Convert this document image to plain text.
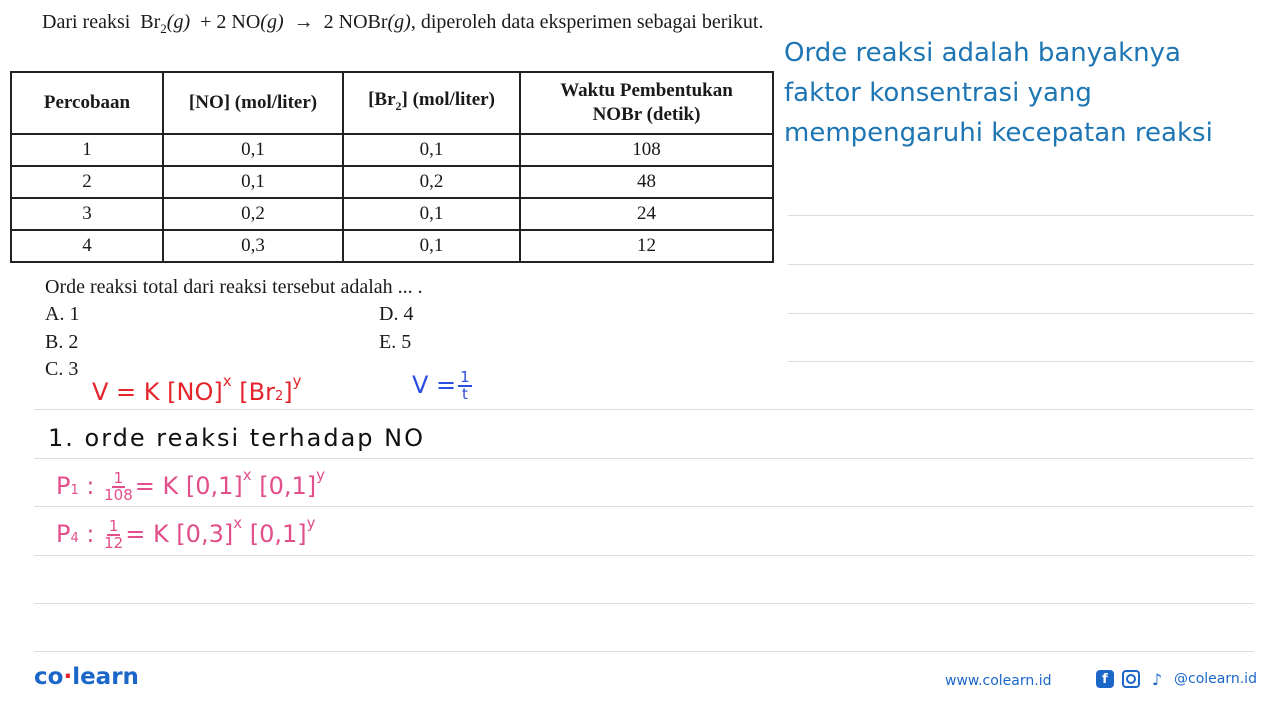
Dari reaksi $Br_2(g) + 2$ NO(g) → 2 NOBr(g), diperoleh data eksperimen sebagai berikut.
Percobaan	[NO] (mol/liter)	$[Br_2]$ (mol/liter)	Waktu Pembentukan
NOBr (detik)
1	0,1	0,1	108
2	0,1	0,2	48
3	0,2	0,1	24
4	0,3	0,1	12
Orde reaksi total dari reaksi tersebut adalah ... .
A. 1
B. 2
C. 3
D. 4
E. 5
Orde reaksi adalah banyaknya faktor konsentrasi yang mempengaruhi kecepatan reaksi
V = K [NO]$^x$ $[Br2]^y$	$V = \frac{1}{t}$
1. orde reaksi terhadap NO
P1 : $\frac{1}{108} = K$ $[0,1]^x$ $[0,1]^y$
P4 : $\frac{1}{12} = K$ $[0,3]^x$ $[0,1]^y$
co·learn	www.colearn.id	f	♪ @colearn.id
